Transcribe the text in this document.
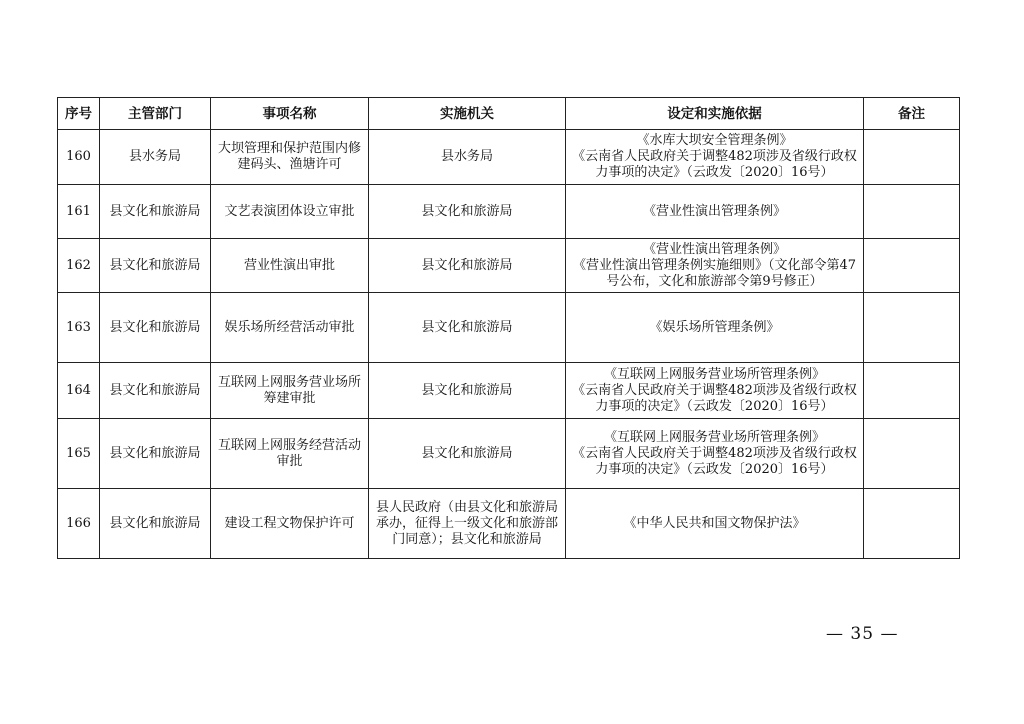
序号	主管部门	事项名称	实施机关	设定和实施依据	备注
160	县水务局	大坝管理和保护范围内修建码头、渔塘许可	县水务局	《水库大坝安全管理条例》
《云南省人民政府关于调整482项涉及省级行政权力事项的决定》（云政发〔2020〕16号）	

161	县文化和旅游局	文艺表演团体设立审批	县文化和旅游局	《营业性演出管理条例》	

162	县文化和旅游局	营业性演出审批	县文化和旅游局	《营业性演出管理条例》
《营业性演出管理条例实施细则》（文化部令第47号公布，文化和旅游部令第9号修正）	

163	县文化和旅游局	娱乐场所经营活动审批	县文化和旅游局	《娱乐场所管理条例》	

164	县文化和旅游局	互联网上网服务营业场所筹建审批	县文化和旅游局	《互联网上网服务营业场所管理条例》
《云南省人民政府关于调整482项涉及省级行政权力事项的决定》（云政发〔2020〕16号）	

165	县文化和旅游局	互联网上网服务经营活动审批	县文化和旅游局	《互联网上网服务营业场所管理条例》
《云南省人民政府关于调整482项涉及省级行政权力事项的决定》（云政发〔2020〕16号）	

166	县文化和旅游局	建设工程文物保护许可	县人民政府（由县文化和旅游局承办，征得上一级文化和旅游部门同意）；县文化和旅游局	《中华人民共和国文物保护法》	

— 35 —
